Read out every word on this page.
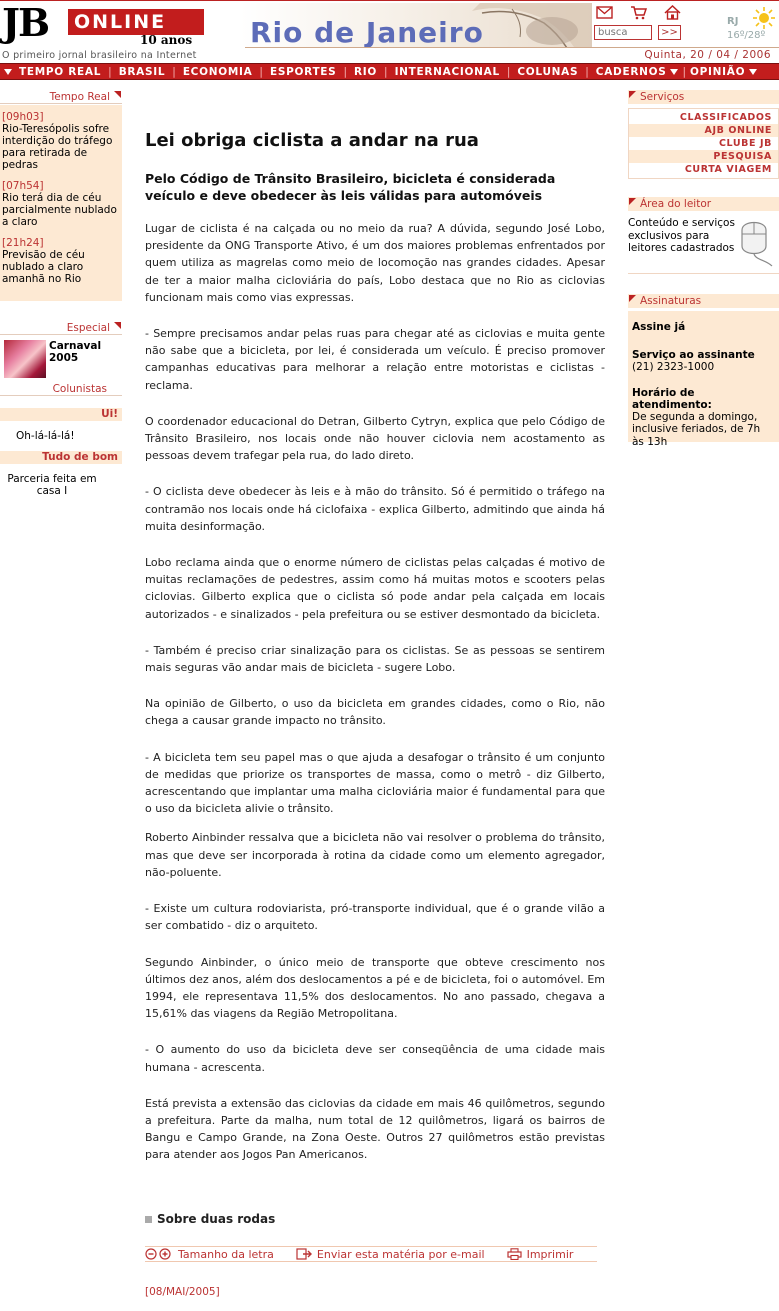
JB	ONLINE
10 anos
O primeiro jornal brasileiro na Internet
Rio de Janeiro
busca	>>
RJ
16º/28º
Quinta, 20 / 04 / 2006
TEMPO REAL | BRASIL | ECONOMIA | ESPORTES | RIO | INTERNACIONAL | COLUNAS | CADERNOS	| OPINIÃO
Tempo Real
[09h03]
Rio-Teresópolis sofre interdição do tráfego para retirada de pedras
[07h54]
Rio terá dia de céu parcialmente nublado a claro
[21h24]
Previsão de céu nublado a claro amanhã no Rio
Especial
Carnaval 2005
Colunistas
Ui!
Oh-lá-lá-lá!
Tudo de bom
Parceria feita em casa I
Lei obriga ciclista a andar na rua
Pelo Código de Trânsito Brasileiro, bicicleta é considerada veículo e deve obedecer às leis válidas para automóveis

Lugar de ciclista é na calçada ou no meio da rua? A dúvida, segundo José Lobo, presidente da ONG Transporte Ativo, é um dos maiores problemas enfrentados por quem utiliza as magrelas como meio de locomoção nas grandes cidades. Apesar de ter a maior malha cicloviária do país, Lobo destaca que no Rio as ciclovias funcionam mais como vias expressas.

- Sempre precisamos andar pelas ruas para chegar até as ciclovias e muita gente não sabe que a bicicleta, por lei, é considerada um veículo. É preciso promover campanhas educativas para melhorar a relação entre motoristas e ciclistas - reclama.

O coordenador educacional do Detran, Gilberto Cytryn, explica que pelo Código de Trânsito Brasileiro, nos locais onde não houver ciclovia nem acostamento as pessoas devem trafegar pela rua, do lado direto.

- O ciclista deve obedecer às leis e à mão do trânsito. Só é permitido o tráfego na contramão nos locais onde há ciclofaixa - explica Gilberto, admitindo que ainda há muita desinformação.

Lobo reclama ainda que o enorme número de ciclistas pelas calçadas é motivo de muitas reclamações de pedestres, assim como há muitas motos e scooters pelas ciclovias. Gilberto explica que o ciclista só pode andar pela calçada em locais autorizados - e sinalizados - pela prefeitura ou se estiver desmontado da bicicleta.

- Também é preciso criar sinalização para os ciclistas. Se as pessoas se sentirem mais seguras vão andar mais de bicicleta - sugere Lobo.

Na opinião de Gilberto, o uso da bicicleta em grandes cidades, como o Rio, não chega a causar grande impacto no trânsito.

- A bicicleta tem seu papel mas o que ajuda a desafogar o trânsito é um conjunto de medidas que priorize os transportes de massa, como o metrô - diz Gilberto, acrescentando que implantar uma malha cicloviária maior é fundamental para que o uso da bicicleta alivie o trânsito.

Roberto Ainbinder ressalva que a bicicleta não vai resolver o problema do trânsito, mas que deve ser incorporada à rotina da cidade como um elemento agregador, não-poluente.

- Existe um cultura rodoviarista, pró-transporte individual, que é o grande vilão a ser combatido - diz o arquiteto.

Segundo Ainbinder, o único meio de transporte que obteve crescimento nos últimos dez anos, além dos deslocamentos a pé e de bicicleta, foi o automóvel. Em 1994, ele representava 11,5% dos deslocamentos. No ano passado, chegava a 15,61% das viagens da Região Metropolitana.

- O aumento do uso da bicicleta deve ser conseqüência de uma cidade mais humana - acrescenta.

Está prevista a extensão das ciclovias da cidade em mais 46 quilômetros, segundo a prefeitura. Parte da malha, num total de 12 quilômetros, ligará os bairros de Bangu e Campo Grande, na Zona Oeste. Outros 27 quilômetros estão previstas para atender aos Jogos Pan Americanos.

Sobre duas rodas
Tamanho da letra	Enviar esta matéria por e-mail	Imprimir
[08/MAI/2005]
Serviços
CLASSIFICADOS
AJB ONLINE
CLUBE JB
PESQUISA
CURTA VIAGEM
Área do leitor
Conteúdo e serviços exclusivos para leitores cadastrados
Assinaturas
Assine já
Serviço ao assinante
(21) 2323-1000
Horário de atendimento:
De segunda a domingo, inclusive feriados, de 7h às 13h
